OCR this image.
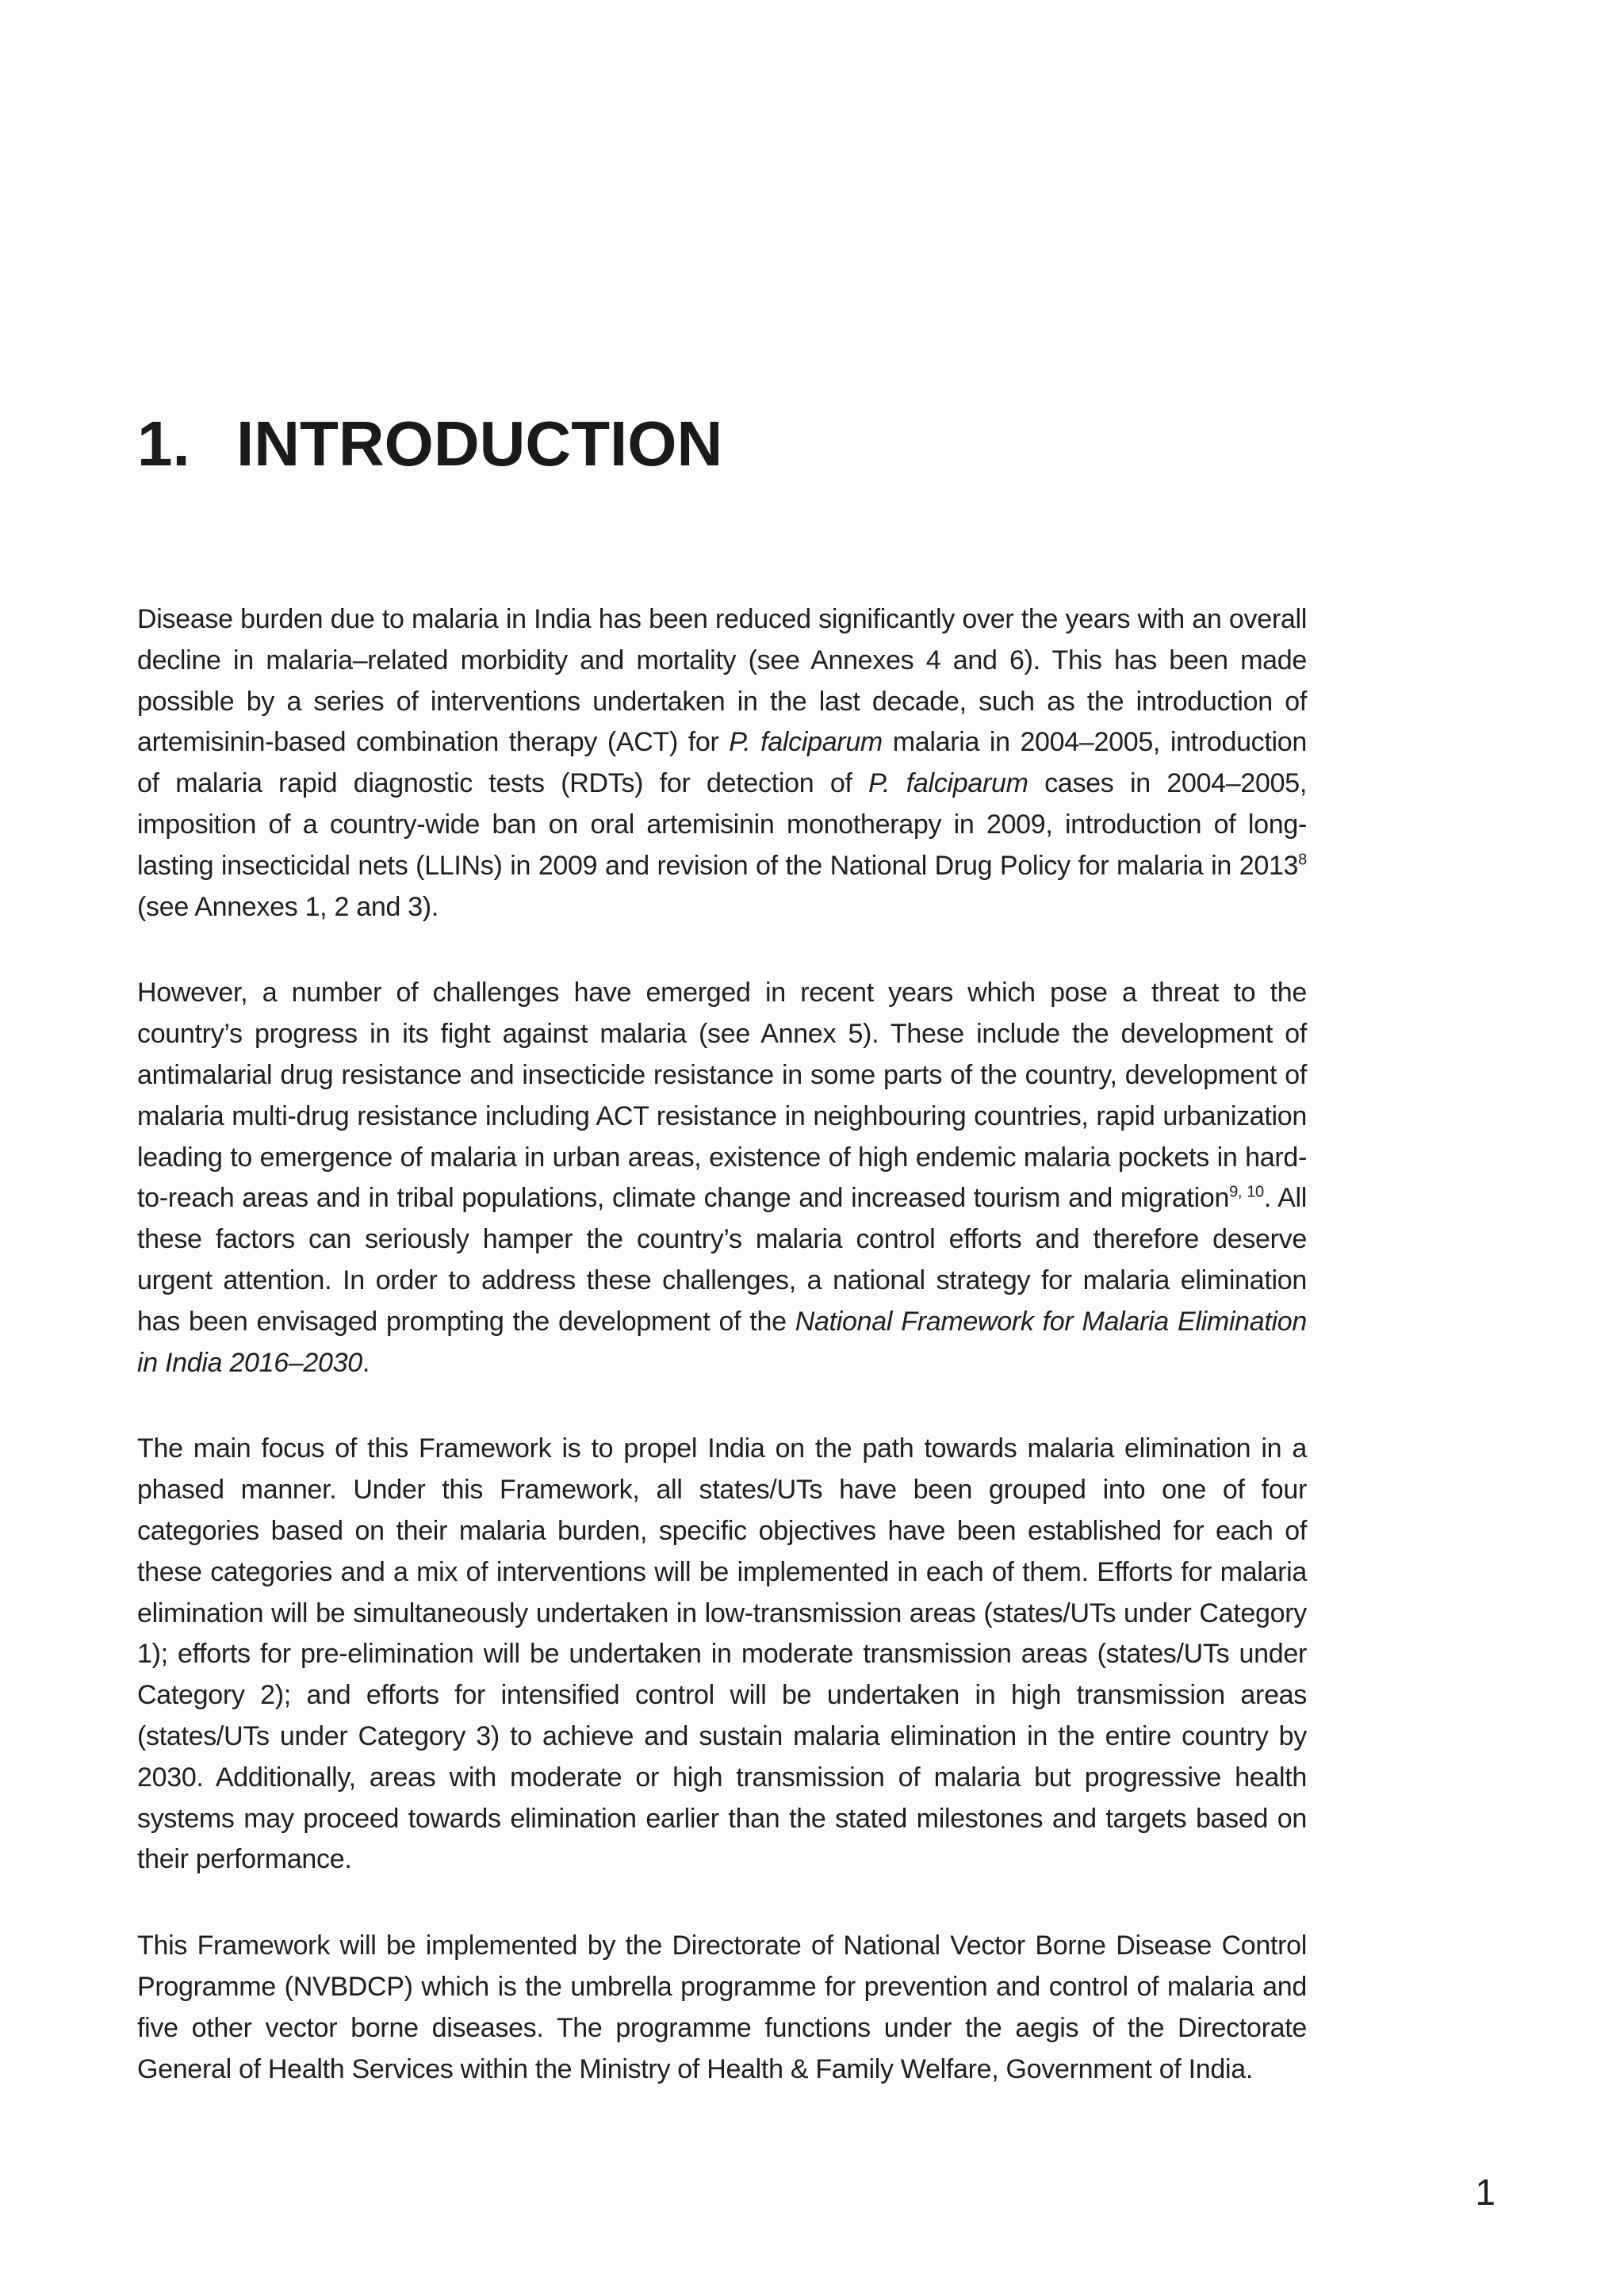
1. INTRODUCTION

Disease burden due to malaria in India has been reduced significantly over the years with an overall decline in malaria–related morbidity and mortality (see Annexes 4 and 6). This has been made possible by a series of interventions undertaken in the last decade, such as the introduction of artemisinin-based combination therapy (ACT) for P. falciparum malaria in 2004–2005, introduction of malaria rapid diagnostic tests (RDTs) for detection of P. falciparum cases in 2004–2005, imposition of a country-wide ban on oral artemisinin monotherapy in 2009, introduction of long-lasting insecticidal nets (LLINs) in 2009 and revision of the National Drug Policy for malaria in 2013$^8$ (see Annexes 1, 2 and 3).

However, a number of challenges have emerged in recent years which pose a threat to the country’s progress in its fight against malaria (see Annex 5). These include the development of antimalarial drug resistance and insecticide resistance in some parts of the country, development of malaria multi-drug resistance including ACT resistance in neighbouring countries, rapid urbanization leading to emergence of malaria in urban areas, existence of high endemic malaria pockets in hard-to-reach areas and in tribal populations, climate change and increased tourism and migration$^{9, 10}$. All these factors can seriously hamper the country’s malaria control efforts and therefore deserve urgent attention. In order to address these challenges, a national strategy for malaria elimination has been envisaged prompting the development of the National Framework for Malaria Elimination in India 2016–2030.

The main focus of this Framework is to propel India on the path towards malaria elimination in a phased manner. Under this Framework, all states/UTs have been grouped into one of four categories based on their malaria burden, specific objectives have been established for each of these categories and a mix of interventions will be implemented in each of them. Efforts for malaria elimination will be simultaneously undertaken in low-transmission areas (states/UTs under Category 1); efforts for pre-elimination will be undertaken in moderate transmission areas (states/UTs under Category 2); and efforts for intensified control will be undertaken in high transmission areas (states/UTs under Category 3) to achieve and sustain malaria elimination in the entire country by 2030. Additionally, areas with moderate or high transmission of malaria but progressive health systems may proceed towards elimination earlier than the stated milestones and targets based on their performance.

This Framework will be implemented by the Directorate of National Vector Borne Disease Control Programme (NVBDCP) which is the umbrella programme for prevention and control of malaria and five other vector borne diseases. The programme functions under the aegis of the Directorate General of Health Services within the Ministry of Health & Family Welfare, Government of India.

1
